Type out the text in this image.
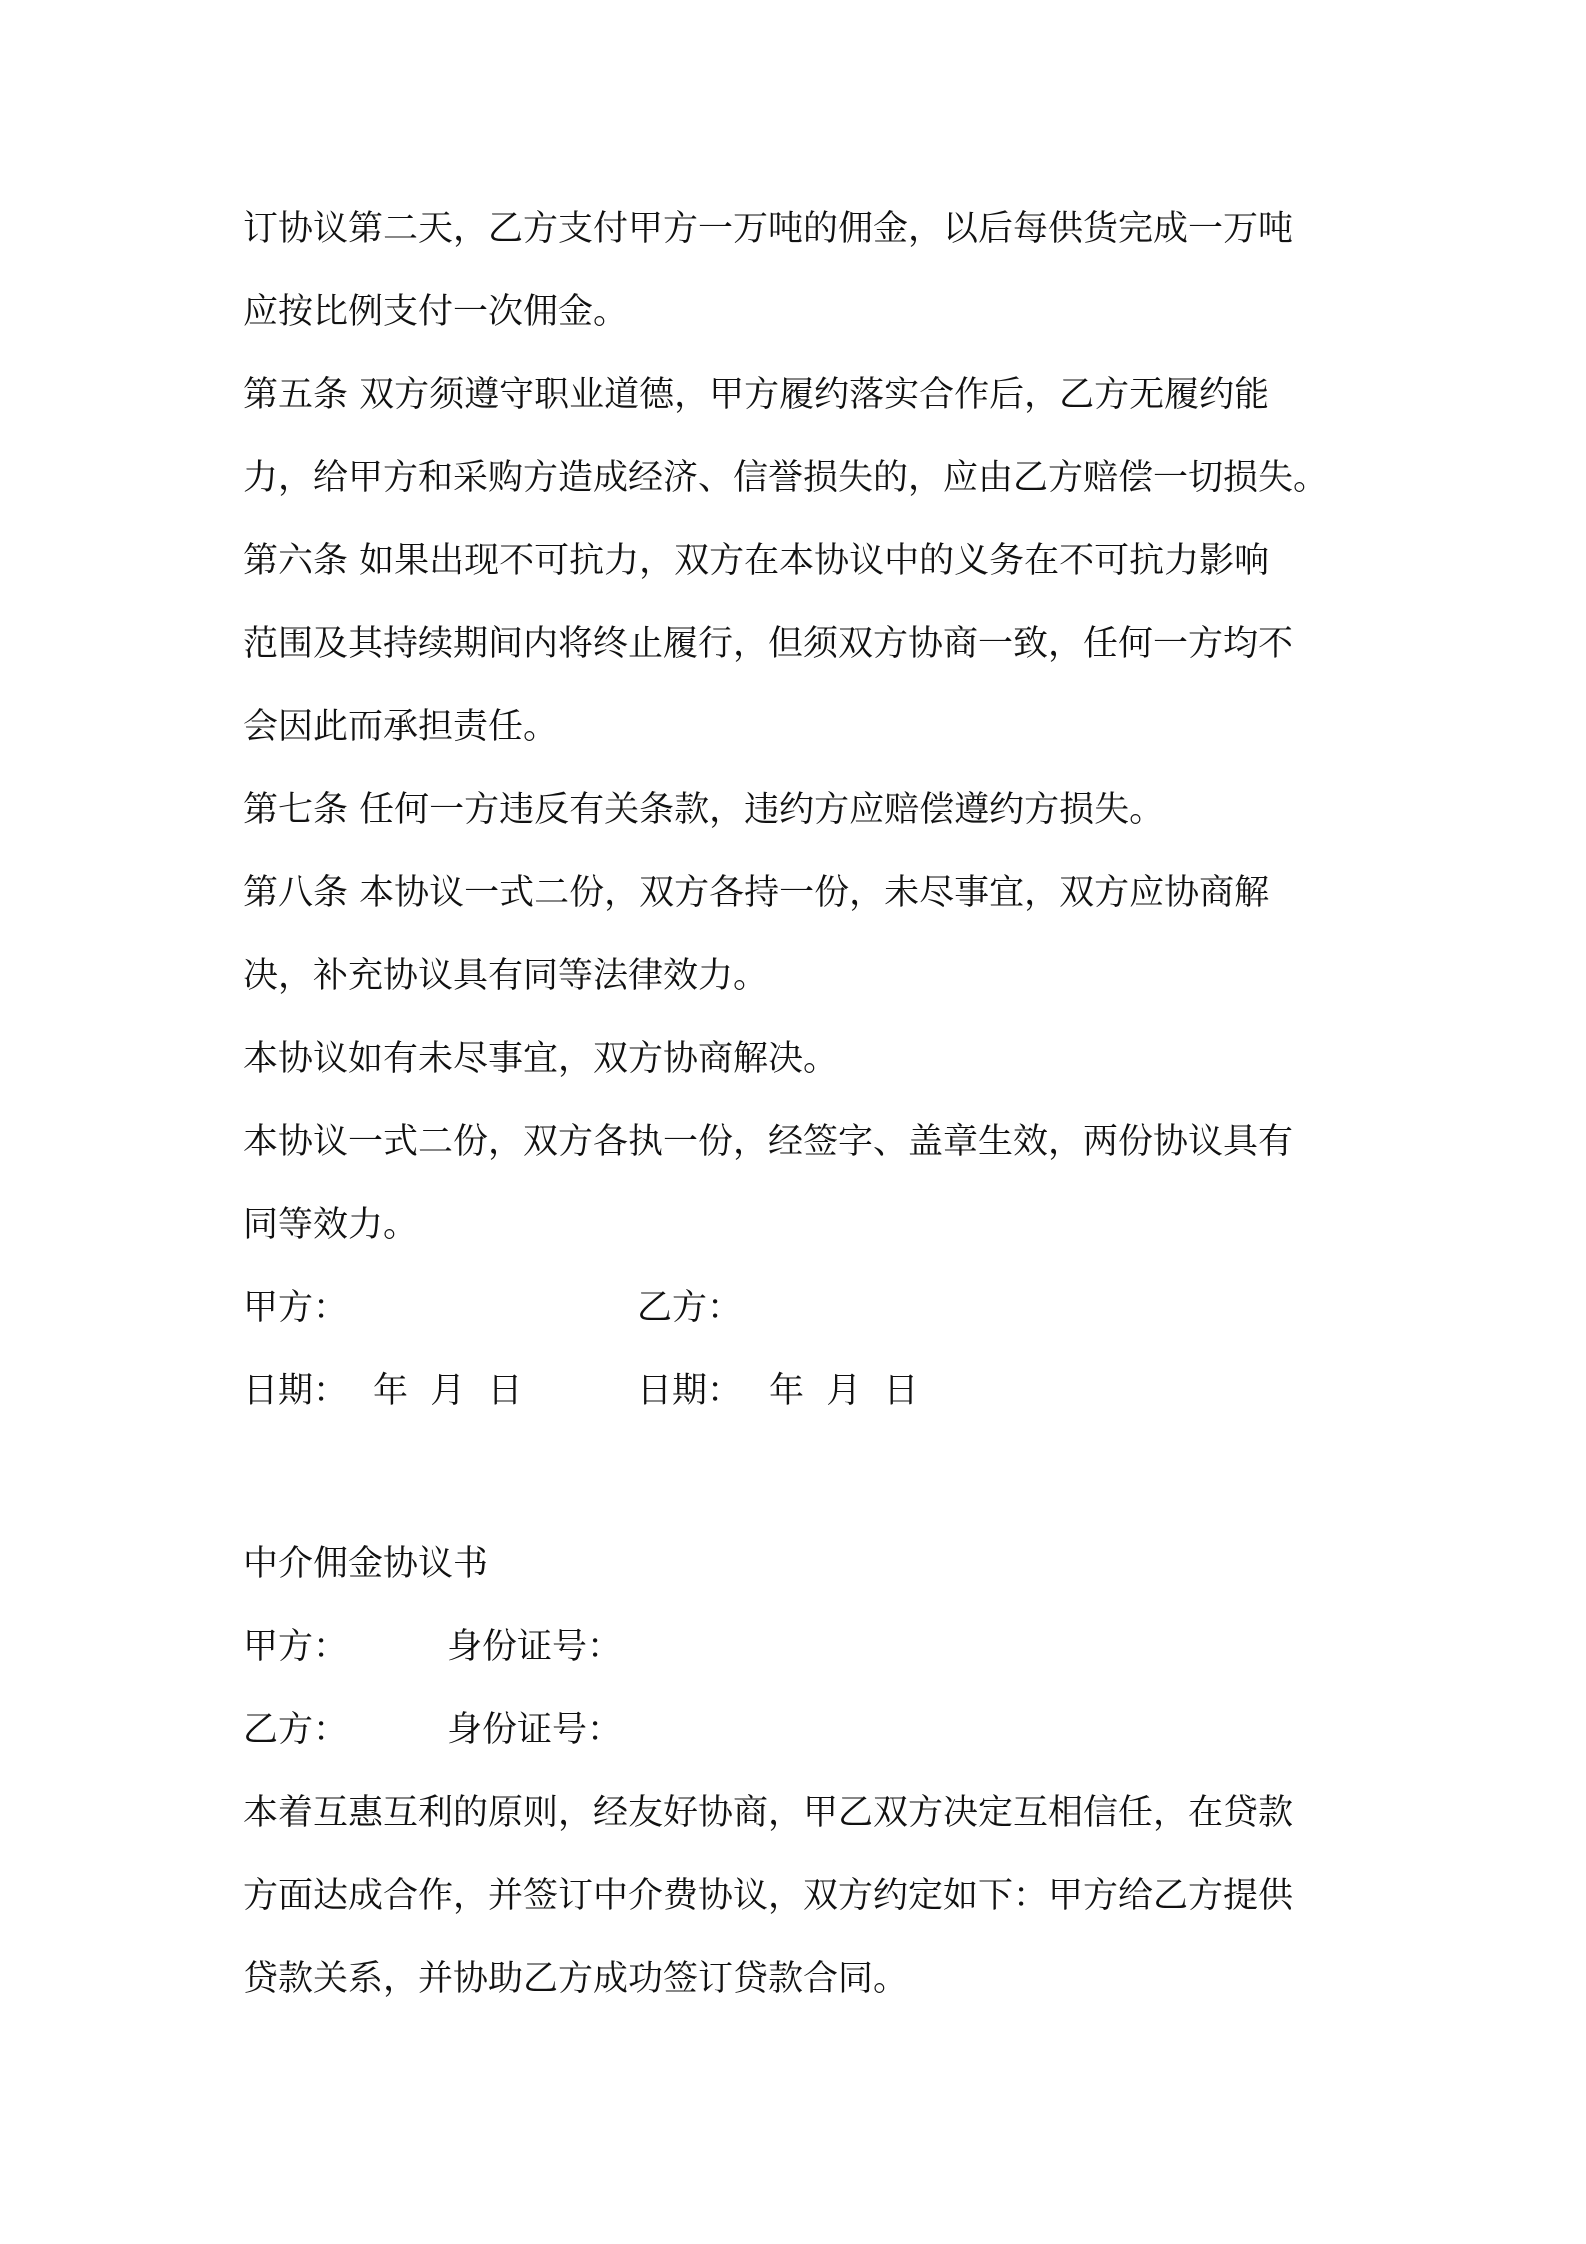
订协议第二天，乙方支付甲方一万吨的佣金，以后每供货完成一万吨
应按比例支付一次佣金。
第五条 双方须遵守职业道德，甲方履约落实合作后，乙方无履约能
力，给甲方和采购方造成经济、信誉损失的，应由乙方赔偿一切损失。
第六条 如果出现不可抗力，双方在本协议中的义务在不可抗力影响
范围及其持续期间内将终止履行，但须双方协商一致，任何一方均不
会因此而承担责任。
第七条 任何一方违反有关条款，违约方应赔偿遵约方损失。
第八条 本协议一式二份，双方各持一份，未尽事宜，双方应协商解
决，补充协议具有同等法律效力。
本协议如有未尽事宜，双方协商解决。
本协议一式二份，双方各执一份，经签字、盖章生效，两份协议具有
同等效力。
甲方：	乙方：
日期： 年  月  日	日期： 年  月  日
中介佣金协议书
甲方：	身份证号：
乙方：	身份证号：
本着互惠互利的原则，经友好协商，甲乙双方决定互相信任，在贷款
方面达成合作，并签订中介费协议，双方约定如下：甲方给乙方提供
贷款关系，并协助乙方成功签订贷款合同。
